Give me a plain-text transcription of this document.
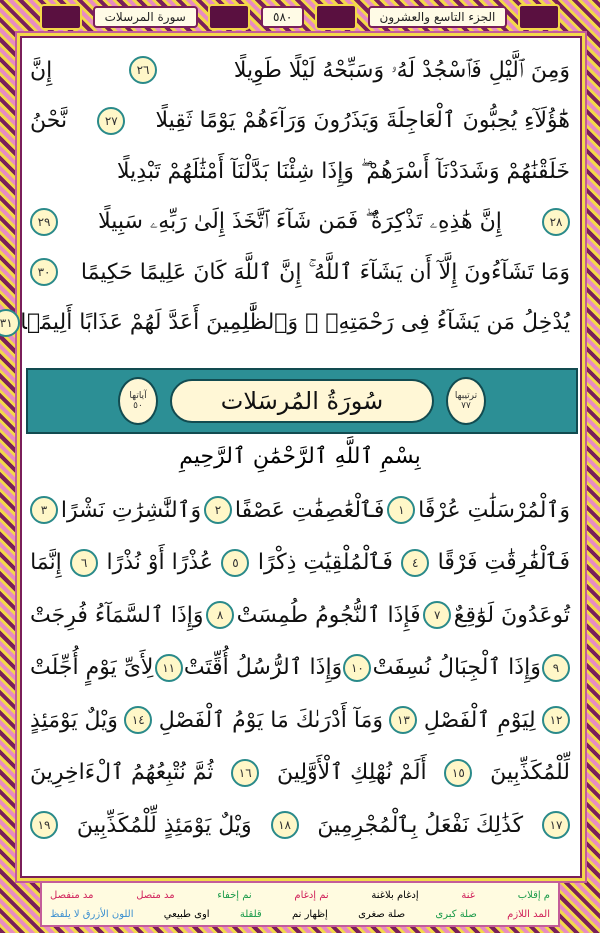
الجزء التاسع والعشرون
٥٨٠
سورة المرسلات
آياتها
٥٠	سُورَةُ المُرسَلات	ترتيبها
٧٧
بِسْمِ ٱللَّهِ ٱلرَّحْمَٰنِ ٱلرَّحِيمِ
م إقلاب
غنة
إدغام بلاغنة
نم إدغام
نم إخفاء
مد متصل
مد منفصل
المد اللازم
صلة كبرى
صلة صغرى
إظهار نم
قلقلة
اوى طبيعي
اللون الأزرق لا يلفظ
وَمِنَ ٱلَّيْلِ فَٱسْجُدْ لَهُۥ وَسَبِّحْهُ لَيْلًا طَوِيلًا
٢٦
إِنَّ
هَٰٓؤُلَآءِ يُحِبُّونَ ٱلْعَاجِلَةَ وَيَذَرُونَ وَرَآءَهُمْ يَوْمًا ثَقِيلًا
٢٧
نَّحْنُ
خَلَقْنَٰهُمْ وَشَدَدْنَآ أَسْرَهُمْ ۖ وَإِذَا شِئْنَا بَدَّلْنَآ أَمْثَٰلَهُمْ تَبْدِيلًا
٢٨
إِنَّ هَٰذِهِۦ تَذْكِرَةٌ ۖ فَمَن شَآءَ ٱتَّخَذَ إِلَىٰ رَبِّهِۦ سَبِيلًا
٢٩
وَمَا تَشَآءُونَ إِلَّآ أَن يَشَآءَ ٱللَّهُ ۚ إِنَّ ٱللَّهَ كَانَ عَلِيمًا حَكِيمًا
٣٠
يُدْخِلُ مَن يَشَآءُ فِى رَحْمَتِهِۦ ۚ وَٱلظَّٰلِمِينَ أَعَدَّ لَهُمْ عَذَابًا أَلِيمًۢا
٣١
وَٱلْمُرْسَلَٰتِ عُرْفًا
١
فَٱلْعَٰصِفَٰتِ عَصْفًا
٢
وَٱلنَّٰشِرَٰتِ نَشْرًا
٣
فَٱلْفَٰرِقَٰتِ فَرْقًا
٤
فَٱلْمُلْقِيَٰتِ ذِكْرًا
٥
عُذْرًا أَوْ نُذْرًا
٦
إِنَّمَا
تُوعَدُونَ لَوَٰقِعٌ
٧
فَإِذَا ٱلنُّجُومُ طُمِسَتْ
٨
وَإِذَا ٱلسَّمَآءُ فُرِجَتْ
٩
وَإِذَا ٱلْجِبَالُ نُسِفَتْ
١٠
وَإِذَا ٱلرُّسُلُ أُقِّتَتْ
١١
لِأَىِّ يَوْمٍ أُجِّلَتْ
١٢
لِيَوْمِ ٱلْفَصْلِ
١٣
وَمَآ أَدْرَىٰكَ مَا يَوْمُ ٱلْفَصْلِ
١٤
وَيْلٌ يَوْمَئِذٍ
لِّلْمُكَذِّبِينَ
١٥
أَلَمْ نُهْلِكِ ٱلْأَوَّلِينَ
١٦
ثُمَّ نُتْبِعُهُمُ ٱلْءَاخِرِينَ
١٧
كَذَٰلِكَ نَفْعَلُ بِٱلْمُجْرِمِينَ
١٨
وَيْلٌ يَوْمَئِذٍ لِّلْمُكَذِّبِينَ
١٩
